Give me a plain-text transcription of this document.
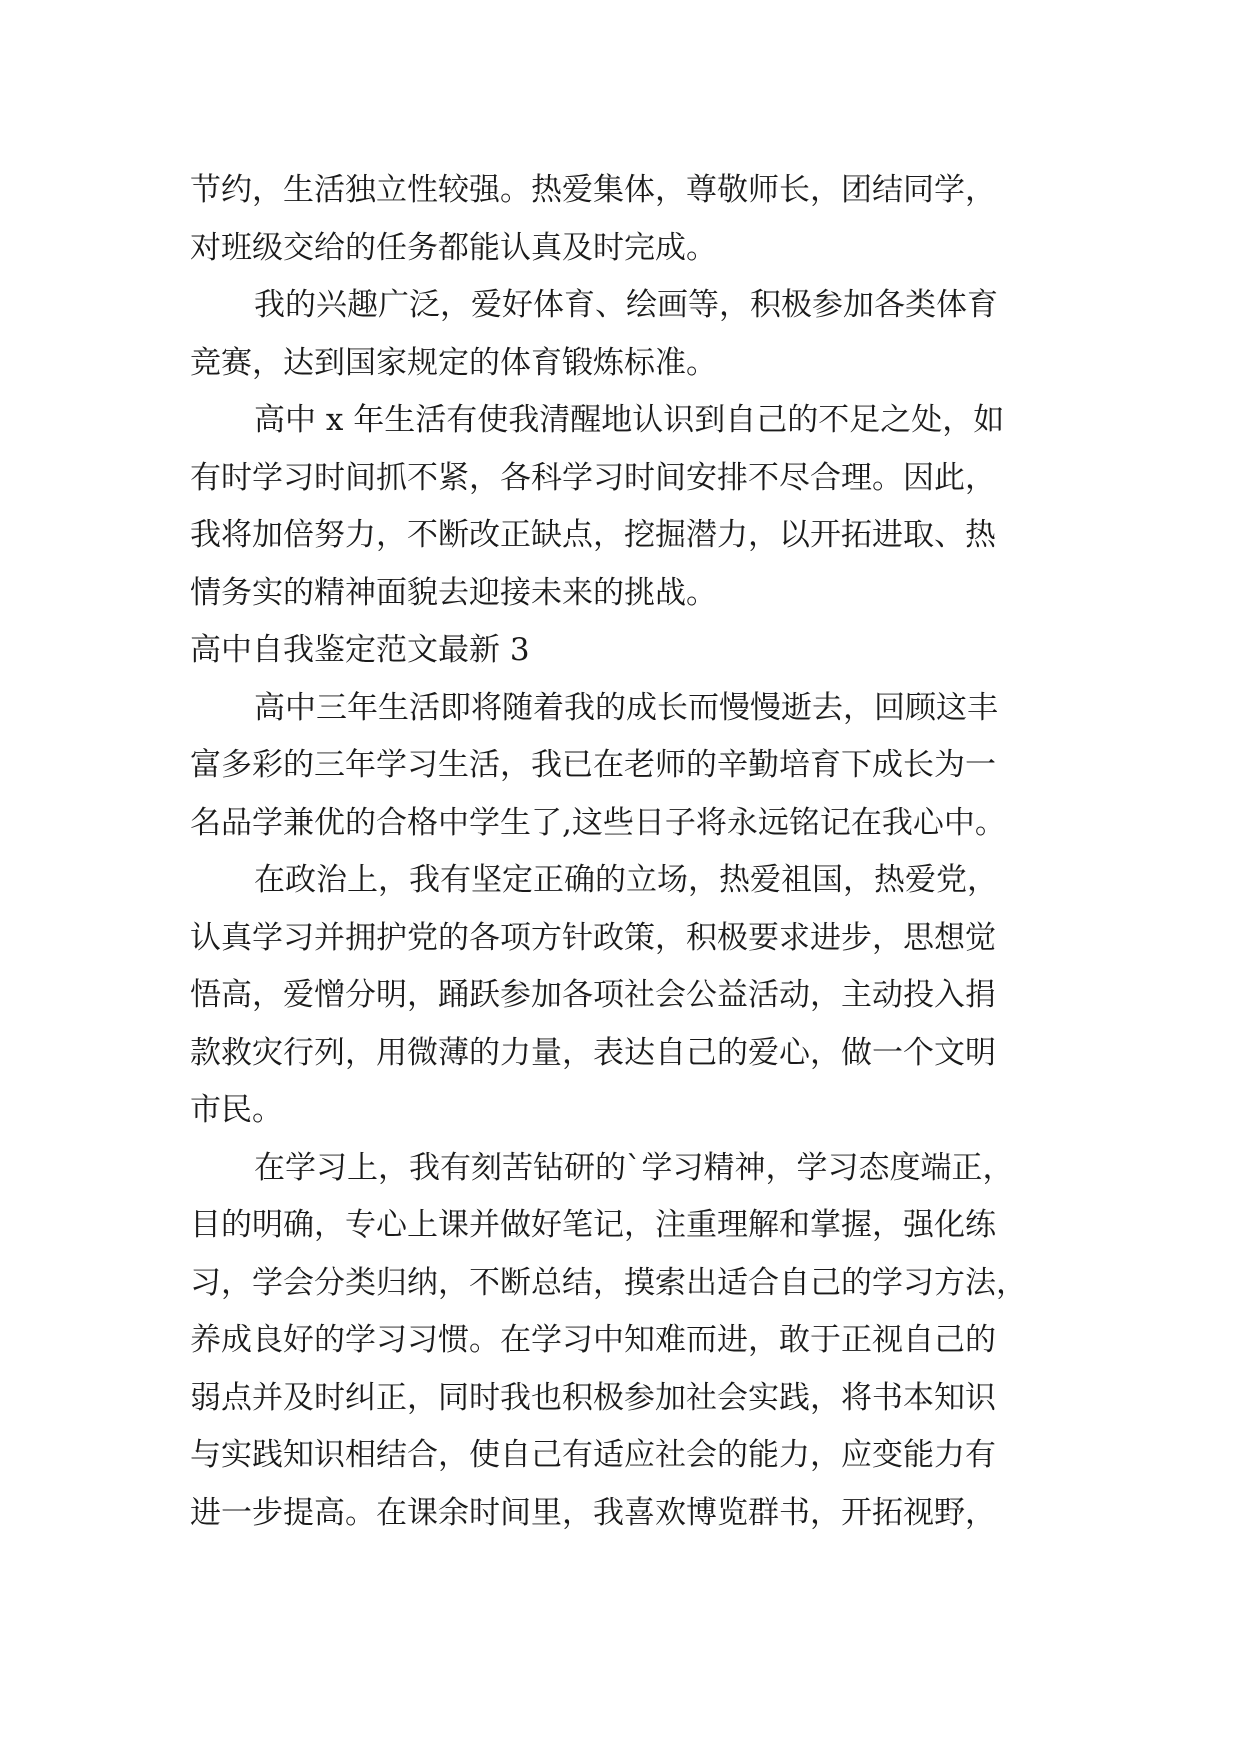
节约，生活独立性较强。热爱集体，尊敬师长，团结同学，
对班级交给的任务都能认真及时完成。
我的兴趣广泛，爱好体育、绘画等，积极参加各类体育
竞赛，达到国家规定的体育锻炼标准。
高中 x 年生活有使我清醒地认识到自己的不足之处，如
有时学习时间抓不紧，各科学习时间安排不尽合理。因此，
我将加倍努力，不断改正缺点，挖掘潜力，以开拓进取、热
情务实的精神面貌去迎接未来的挑战。
高中自我鉴定范文最新 3
高中三年生活即将随着我的成长而慢慢逝去，回顾这丰
富多彩的三年学习生活，我已在老师的辛勤培育下成长为一
名品学兼优的合格中学生了,这些日子将永远铭记在我心中。
在政治上，我有坚定正确的立场，热爱祖国，热爱党，
认真学习并拥护党的各项方针政策，积极要求进步，思想觉
悟高，爱憎分明，踊跃参加各项社会公益活动，主动投入捐
款救灾行列，用微薄的力量，表达自己的爱心，做一个文明
市民。
在学习上，我有刻苦钻研的`学习精神，学习态度端正，
目的明确，专心上课并做好笔记，注重理解和掌握，强化练
习，学会分类归纳，不断总结，摸索出适合自己的学习方法，
养成良好的学习习惯。在学习中知难而进，敢于正视自己的
弱点并及时纠正，同时我也积极参加社会实践，将书本知识
与实践知识相结合，使自己有适应社会的能力，应变能力有
进一步提高。在课余时间里，我喜欢博览群书，开拓视野，
